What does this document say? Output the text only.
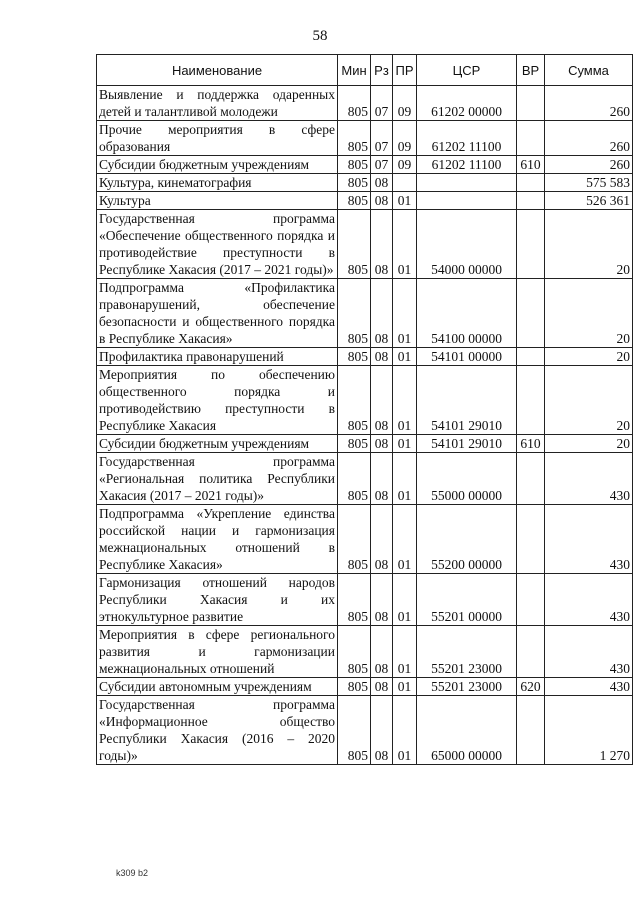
58
Наименование	Мин	Рз	ПР	ЦСР	ВР	Сумма
Выявление и поддержка одаренных детей и талантливой молодежи	805	07	09	61202 00000		260
Прочие мероприятия в сфере образования	805	07	09	61202 11100		260
Субсидии бюджетным учреждениям	805	07	09	61202 11100	610	260
Культура, кинематография	805	08				575 583
Культура	805	08	01			526 361
Государственная программа «Обеспечение общественного порядка и противодействие преступности в Республике Хакасия (2017 – 2021 годы)»	805	08	01	54000 00000		20
Подпрограмма «Профилактика правонарушений, обеспечение безопасности и общественного порядка в Республике Хакасия»	805	08	01	54100 00000		20
Профилактика правонарушений	805	08	01	54101 00000		20
Мероприятия по обеспечению общественного порядка и противодействию преступности в Республике Хакасия	805	08	01	54101 29010		20
Субсидии бюджетным учреждениям	805	08	01	54101 29010	610	20
Государственная программа «Региональная политика Республики Хакасия (2017 – 2021 годы)»	805	08	01	55000 00000		430
Подпрограмма «Укрепление единства российской нации и гармонизация межнациональных отношений в Республике Хакасия»	805	08	01	55200 00000		430
Гармонизация отношений народов Республики Хакасия и их этнокультурное развитие	805	08	01	55201 00000		430
Мероприятия в сфере регионального развития и гармонизации межнациональных отношений	805	08	01	55201 23000		430
Субсидии автономным учреждениям	805	08	01	55201 23000	620	430
Государственная программа «Информационное общество Республики Хакасия (2016 – 2020 годы)»	805	08	01	65000 00000		1 270
k309 b2
